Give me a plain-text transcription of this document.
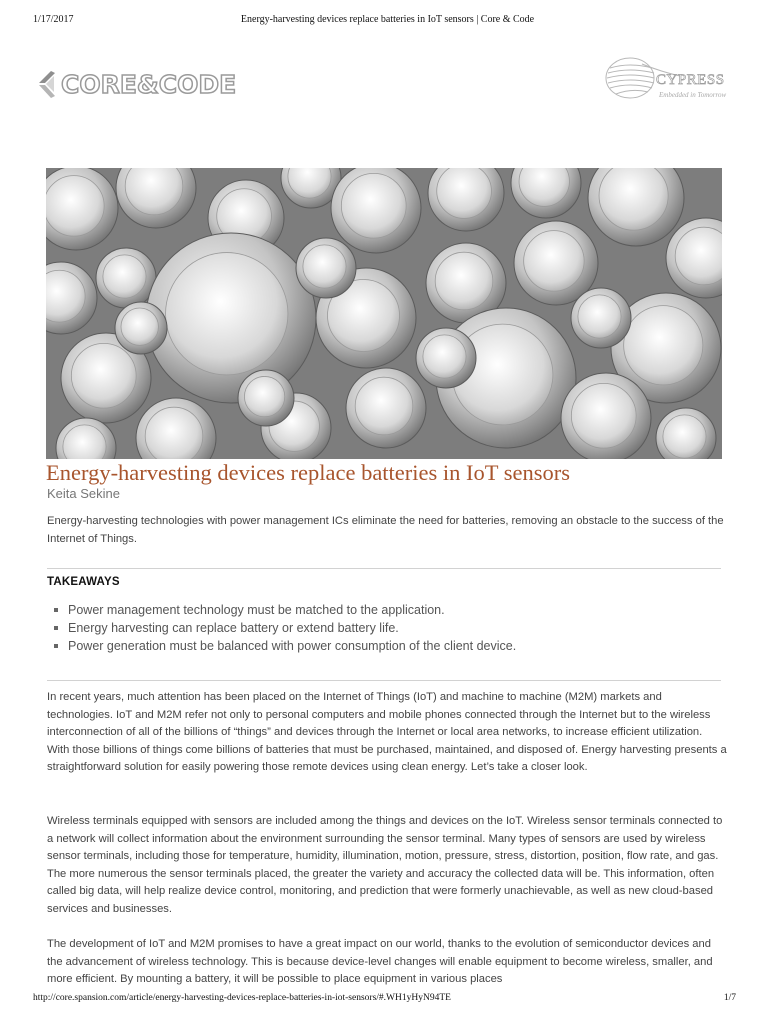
1/17/2017	Energy-harvesting devices replace batteries in IoT sensors | Core & Code
CORE&CODE	CYPRESS
Embedded in Tomorrow
Energy-harvesting devices replace batteries in IoT sensors
Keita Sekine
Energy-harvesting technologies with power management ICs eliminate the need for batteries, removing an obstacle to the success of the Internet of Things.
TAKEAWAYS
Power management technology must be matched to the application.
Energy harvesting can replace battery or extend battery life.
Power generation must be balanced with power consumption of the client device.

In recent years, much attention has been placed on the Internet of Things (IoT) and machine to machine (M2M) markets and technologies. IoT and M2M refer not only to personal computers and mobile phones connected through the Internet but to the wireless interconnection of all of the billions of “things” and devices through the Internet or local area networks, to increase efficient utilization. With those billions of things come billions of batteries that must be purchased, maintained, and disposed of. Energy harvesting presents a straightforward solution for easily powering those remote devices using clean energy. Let’s take a closer look.

Wireless terminals equipped with sensors are included among the things and devices on the IoT. Wireless sensor terminals connected to a network will collect information about the environment surrounding the sensor terminal. Many types of sensors are used by wireless sensor terminals, including those for temperature, humidity, illumination, motion, pressure, stress, distortion, position, flow rate, and gas. The more numerous the sensor terminals placed, the greater the variety and accuracy the collected data will be. This information, often called big data, will help realize device control, monitoring, and prediction that were formerly unachievable, as well as new cloud-based services and businesses.

The development of IoT and M2M promises to have a great impact on our world, thanks to the evolution of semiconductor devices and the advancement of wireless technology. This is because device-level changes will enable equipment to become wireless, smaller, and more efficient. By mounting a battery, it will be possible to place equipment in various places

http://core.spansion.com/article/energy-harvesting-devices-replace-batteries-in-iot-sensors/#.WH1yHyN94TE	1/7
